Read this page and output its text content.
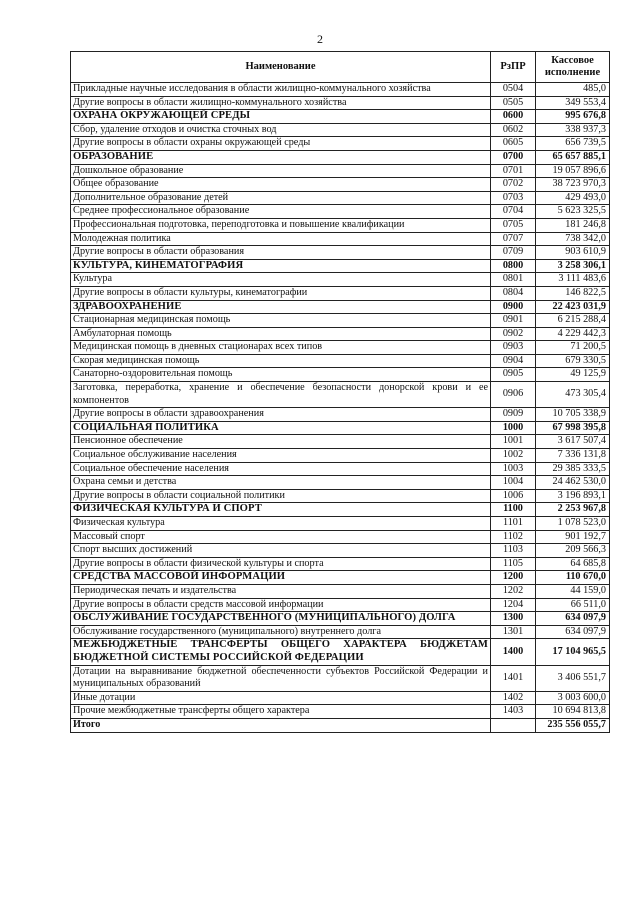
2
Наименование	РзПР	Кассовое исполнение
Прикладные научные исследования в области жилищно-коммунального хозяйства	0504	485,0
Другие вопросы в области жилищно-коммунального хозяйства	0505	349 553,4
ОХРАНА ОКРУЖАЮЩЕЙ СРЕДЫ	0600	995 676,8
Сбор, удаление отходов и очистка сточных вод	0602	338 937,3
Другие вопросы в области охраны окружающей среды	0605	656 739,5
ОБРАЗОВАНИЕ	0700	65 657 885,1
Дошкольное образование	0701	19 057 896,6
Общее образование	0702	38 723 970,3
Дополнительное образование детей	0703	429 493,0
Среднее профессиональное образование	0704	5 623 325,5
Профессиональная подготовка, переподготовка и повышение квалификации	0705	181 246,8
Молодежная политика	0707	738 342,0
Другие вопросы в области образования	0709	903 610,9
КУЛЬТУРА, КИНЕМАТОГРАФИЯ	0800	3 258 306,1
Культура	0801	3 111 483,6
Другие вопросы в области культуры, кинематографии	0804	146 822,5
ЗДРАВООХРАНЕНИЕ	0900	22 423 031,9
Стационарная медицинская помощь	0901	6 215 288,4
Амбулаторная помощь	0902	4 229 442,3
Медицинская помощь в дневных стационарах всех типов	0903	71 200,5
Скорая медицинская помощь	0904	679 330,5
Санаторно-оздоровительная помощь	0905	49 125,9
Заготовка, переработка, хранение и обеспечение безопасности донорской крови и ее компонентов	0906	473 305,4
Другие вопросы в области здравоохранения	0909	10 705 338,9
СОЦИАЛЬНАЯ ПОЛИТИКА	1000	67 998 395,8
Пенсионное обеспечение	1001	3 617 507,4
Социальное обслуживание населения	1002	7 336 131,8
Социальное обеспечение населения	1003	29 385 333,5
Охрана семьи и детства	1004	24 462 530,0
Другие вопросы в области социальной политики	1006	3 196 893,1
ФИЗИЧЕСКАЯ КУЛЬТУРА И СПОРТ	1100	2 253 967,8
Физическая культура	1101	1 078 523,0
Массовый спорт	1102	901 192,7
Спорт высших достижений	1103	209 566,3
Другие вопросы в области физической культуры и спорта	1105	64 685,8
СРЕДСТВА МАССОВОЙ ИНФОРМАЦИИ	1200	110 670,0
Периодическая печать и издательства	1202	44 159,0
Другие вопросы в области средств массовой информации	1204	66 511,0
ОБСЛУЖИВАНИЕ ГОСУДАРСТВЕННОГО (МУНИЦИПАЛЬНОГО) ДОЛГА	1300	634 097,9
Обслуживание государственного (муниципального) внутреннего долга	1301	634 097,9
МЕЖБЮДЖЕТНЫЕ ТРАНСФЕРТЫ ОБЩЕГО ХАРАКТЕРА БЮДЖЕТАМ БЮДЖЕТНОЙ СИСТЕМЫ РОССИЙСКОЙ ФЕДЕРАЦИИ	1400	17 104 965,5
Дотации на выравнивание бюджетной обеспеченности субъектов Российской Федерации и муниципальных образований	1401	3 406 551,7
Иные дотации	1402	3 003 600,0
Прочие межбюджетные трансферты общего характера	1403	10 694 813,8
Итого		235 556 055,7
